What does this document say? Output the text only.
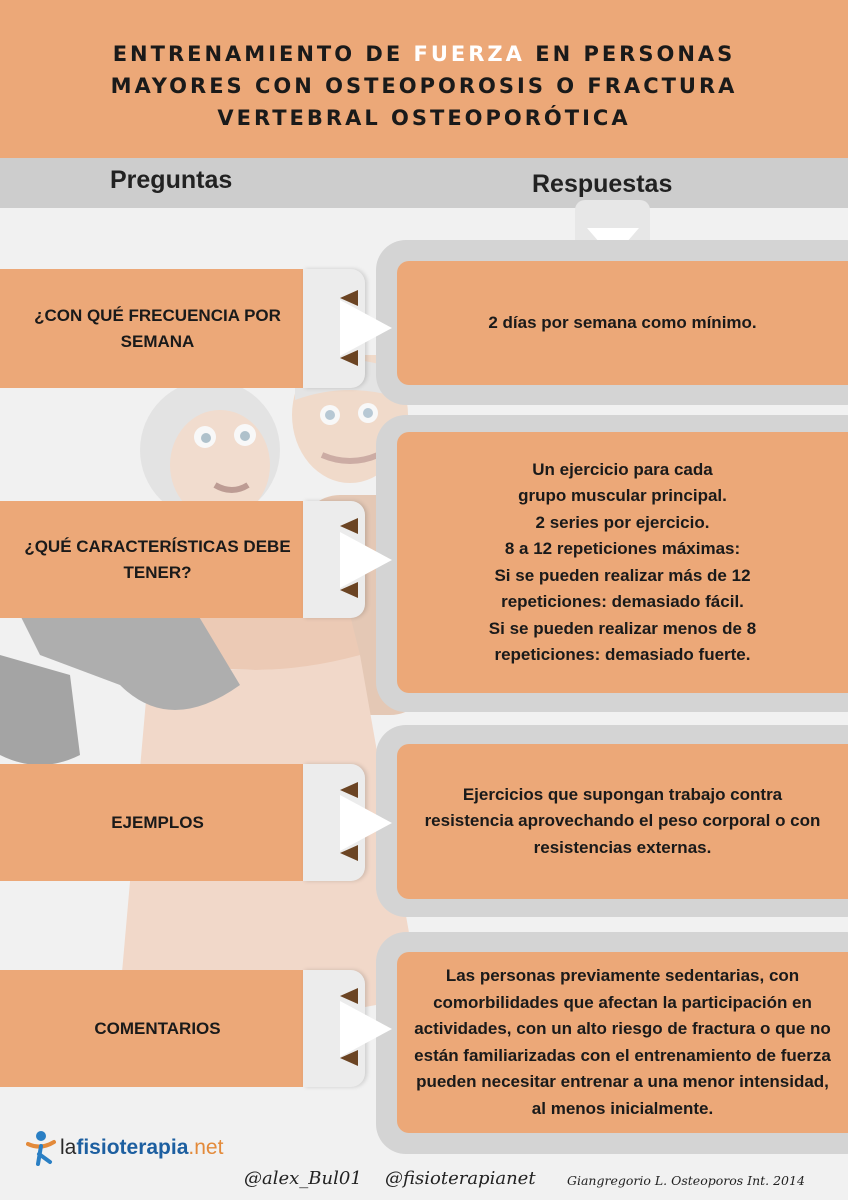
ENTRENAMIENTO DE FUERZA EN PERSONAS
MAYORES CON OSTEOPOROSIS O FRACTURA
VERTEBRAL OSTEOPORÓTICA
Preguntas	Respuestas
¿CON QUÉ FRECUENCIA POR SEMANA
2 días por semana como mínimo.
¿QUÉ CARACTERÍSTICAS DEBE TENER?
Un ejercicio para cada
grupo muscular principal.
2 series por ejercicio.
8 a 12 repeticiones máximas:
Si se pueden realizar más de 12
repeticiones: demasiado fácil.
Si se pueden realizar menos de 8
repeticiones: demasiado fuerte.
EJEMPLOS
Ejercicios que supongan trabajo contra resistencia aprovechando el peso corporal o con resistencias externas.
COMENTARIOS
Las personas previamente sedentarias, con comorbilidades que afectan la participación en actividades, con un alto riesgo de fractura o que no están familiarizadas con el entrenamiento de fuerza pueden necesitar entrenar a una menor intensidad, al menos inicialmente.
lafisioterapia.net
@alex_Bul01 @fisioterapianet	Giangregorio L. Osteoporos Int. 2014
